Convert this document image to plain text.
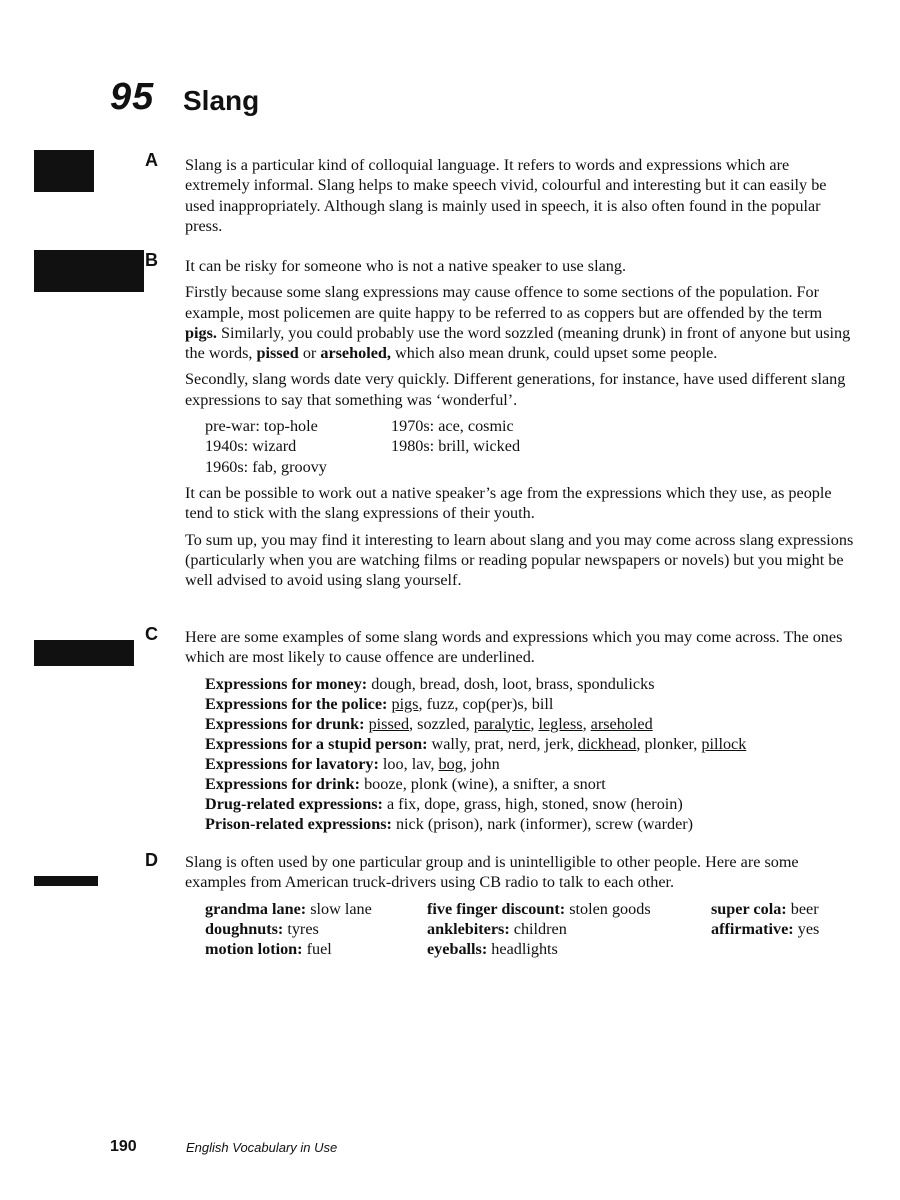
95 Slang
A
B
C
D

Slang is a particular kind of colloquial language. It refers to words and expressions which are extremely informal. Slang helps to make speech vivid, colourful and interesting but it can easily be used inappropriately. Although slang is mainly used in speech, it is also often found in the popular press.

It can be risky for someone who is not a native speaker to use slang.

Firstly because some slang expressions may cause offence to some sections of the population. For example, most policemen are quite happy to be referred to as coppers but are offended by the term pigs. Similarly, you could probably use the word sozzled (meaning drunk) in front of anyone but using the words, pissed or arseholed, which also mean drunk, could upset some people.

Secondly, slang words date very quickly. Different generations, for instance, have used different slang expressions to say that something was ‘wonderful’.

pre-war: top-hole	1970s: ace, cosmic
1940s: wizard	1980s: brill, wicked
1960s: fab, groovy

It can be possible to work out a native speaker’s age from the expressions which they use, as people tend to stick with the slang expressions of their youth.

To sum up, you may find it interesting to learn about slang and you may come across slang expressions (particularly when you are watching films or reading popular newspapers or novels) but you might be well advised to avoid using slang yourself.

Here are some examples of some slang words and expressions which you may come across. The ones which are most likely to cause offence are underlined.

Expressions for money: dough, bread, dosh, loot, brass, spondulicks
Expressions for the police: pigs, fuzz, cop(per)s, bill
Expressions for drunk: pissed, sozzled, paralytic, legless, arseholed
Expressions for a stupid person: wally, prat, nerd, jerk, dickhead, plonker, pillock
Expressions for lavatory: loo, lav, bog, john
Expressions for drink: booze, plonk (wine), a snifter, a snort
Drug-related expressions: a fix, dope, grass, high, stoned, snow (heroin)
Prison-related expressions: nick (prison), nark (informer), screw (warder)

Slang is often used by one particular group and is unintelligible to other people. Here are some examples from American truck-drivers using CB radio to talk to each other.

grandma lane: slow lane	five finger discount: stolen goods	super cola: beer
doughnuts: tyres	anklebiters: children	affirmative: yes
motion lotion: fuel	eyeballs: headlights
190	English Vocabulary in Use
